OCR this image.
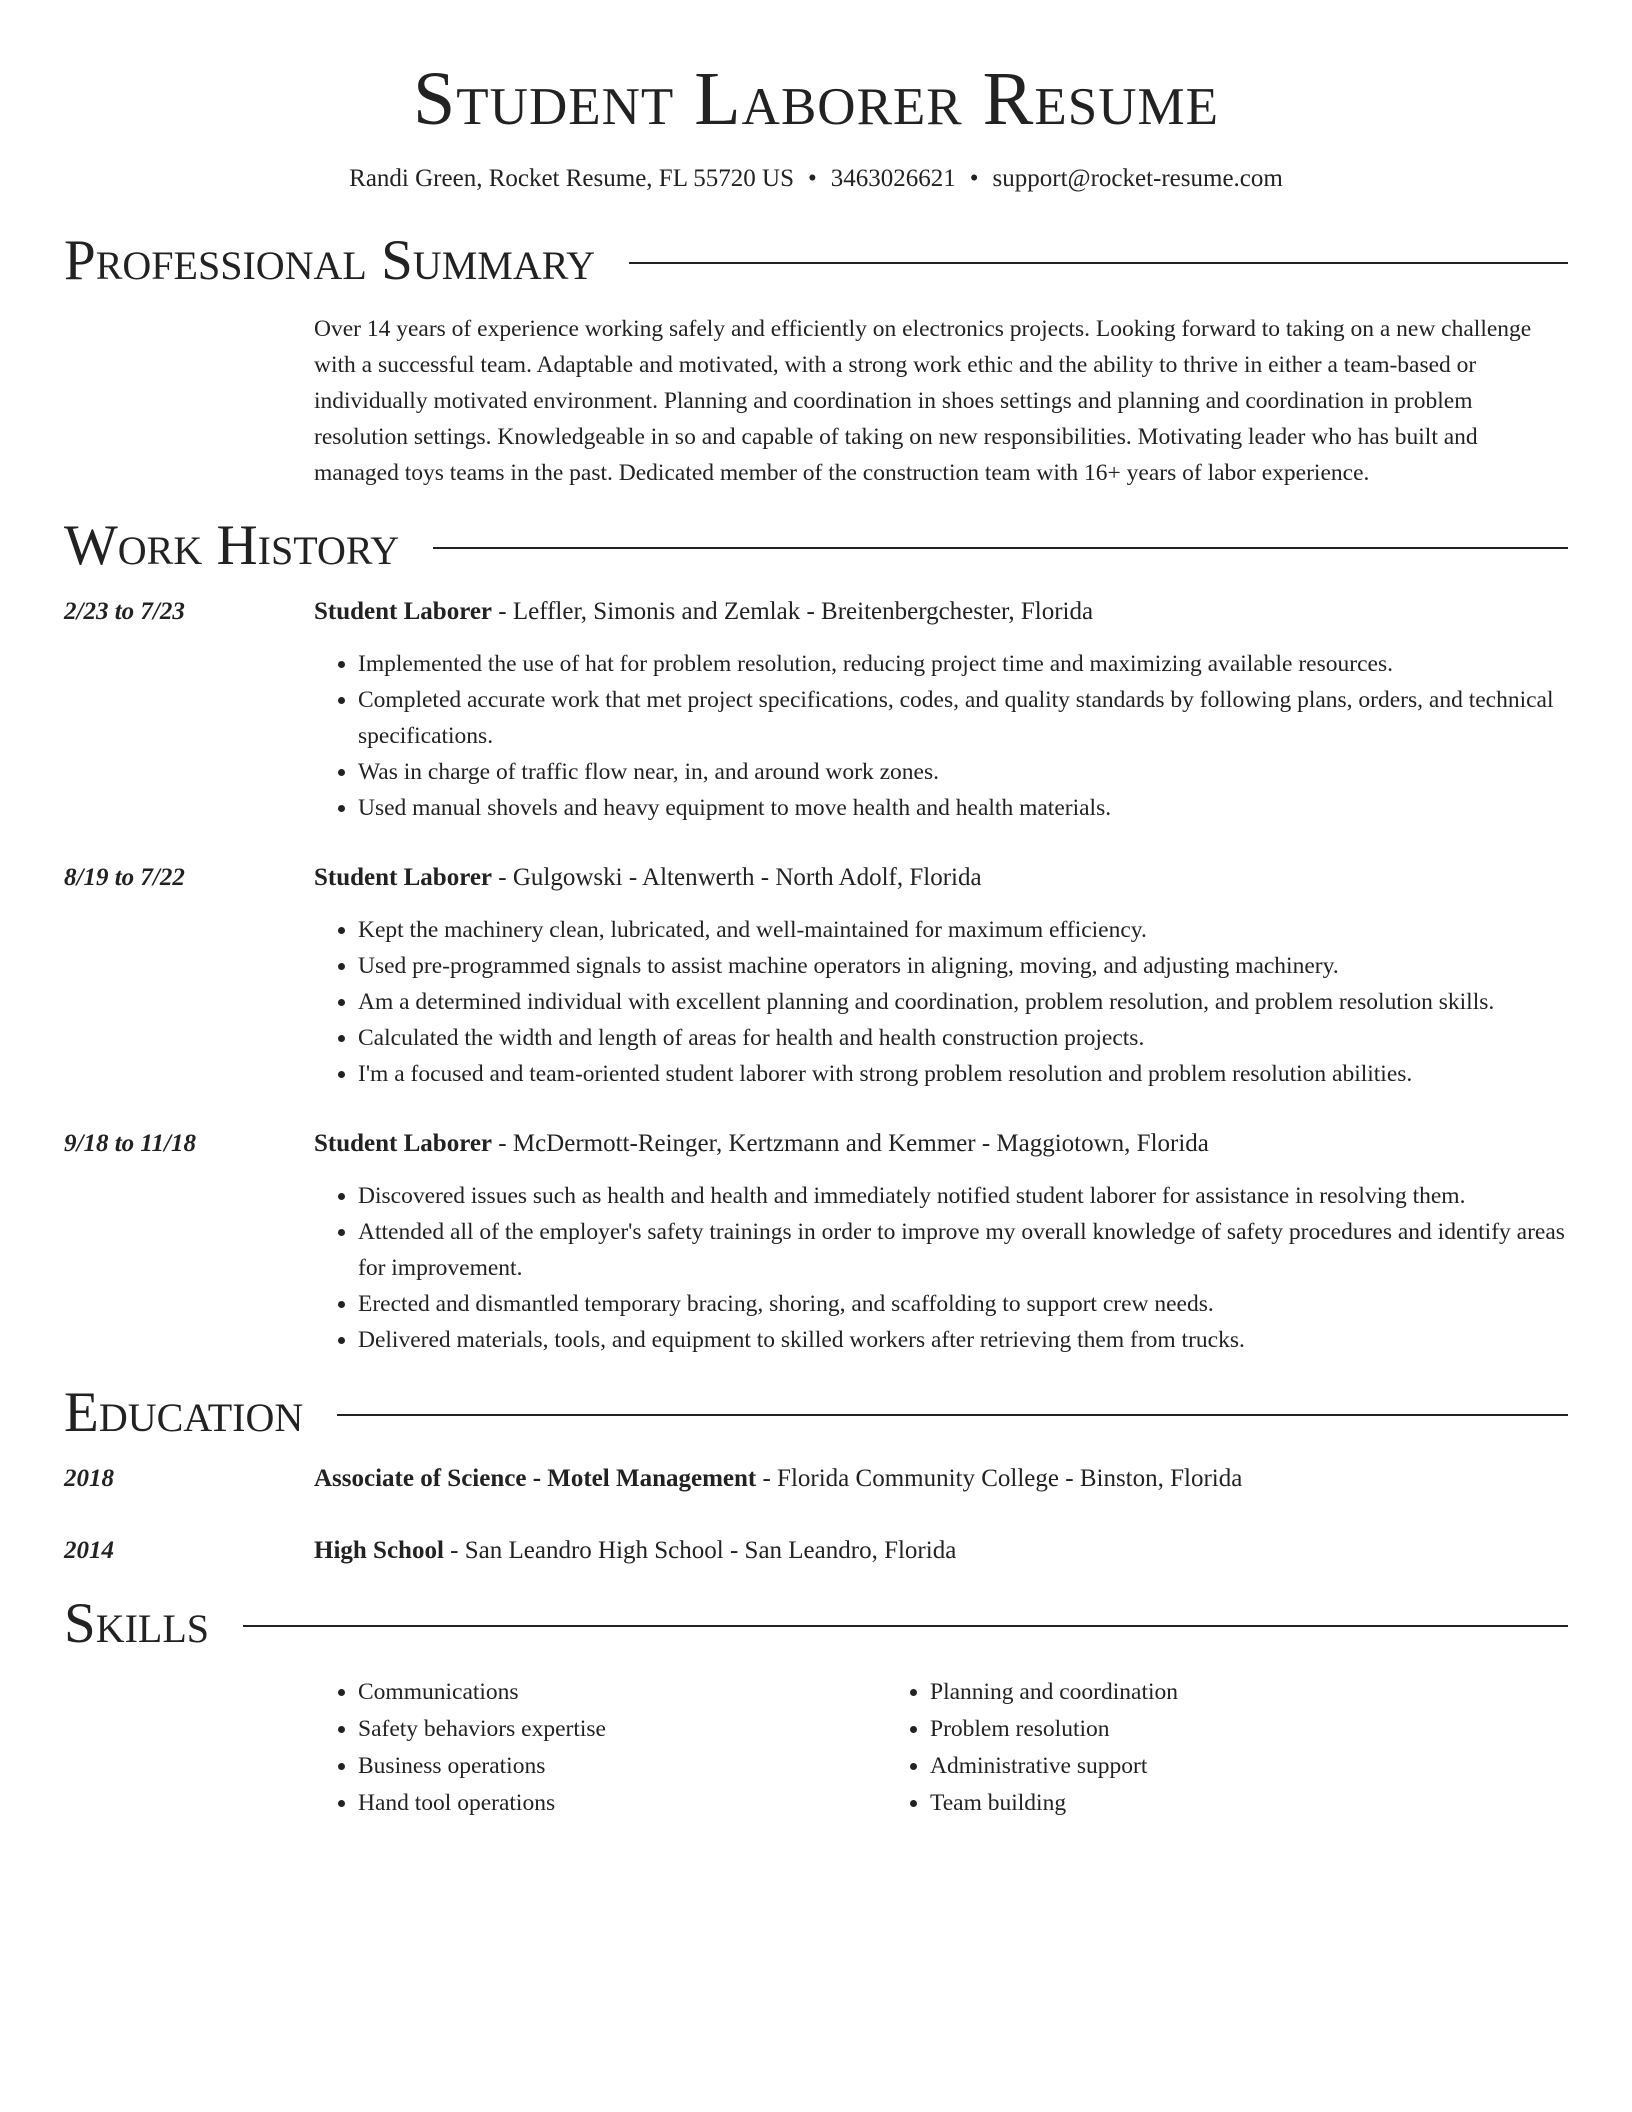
Student Laborer Resume
Randi Green, Rocket Resume, FL 55720 US • 3463026621 • support@rocket-resume.com
Professional Summary
Over 14 years of experience working safely and efficiently on electronics projects. Looking forward to taking on a new challenge with a successful team. Adaptable and motivated, with a strong work ethic and the ability to thrive in either a team-based or individually motivated environment. Planning and coordination in shoes settings and planning and coordination in problem resolution settings. Knowledgeable in so and capable of taking on new responsibilities. Motivating leader who has built and managed toys teams in the past. Dedicated member of the construction team with 16+ years of labor experience.
Work History
2/23 to 7/23	Student Laborer - Leffler, Simonis and Zemlak - Breitenbergchester, Florida
• Implemented the use of hat for problem resolution, reducing project time and maximizing available resources.
• Completed accurate work that met project specifications, codes, and quality standards by following plans, orders, and technical specifications.
• Was in charge of traffic flow near, in, and around work zones.
• Used manual shovels and heavy equipment to move health and health materials.
8/19 to 7/22	Student Laborer - Gulgowski - Altenwerth - North Adolf, Florida
• Kept the machinery clean, lubricated, and well-maintained for maximum efficiency.
• Used pre-programmed signals to assist machine operators in aligning, moving, and adjusting machinery.
• Am a determined individual with excellent planning and coordination, problem resolution, and problem resolution skills.
• Calculated the width and length of areas for health and health construction projects.
• I'm a focused and team-oriented student laborer with strong problem resolution and problem resolution abilities.
9/18 to 11/18	Student Laborer - McDermott-Reinger, Kertzmann and Kemmer - Maggiotown, Florida
• Discovered issues such as health and health and immediately notified student laborer for assistance in resolving them.
• Attended all of the employer's safety trainings in order to improve my overall knowledge of safety procedures and identify areas for improvement.
• Erected and dismantled temporary bracing, shoring, and scaffolding to support crew needs.
• Delivered materials, tools, and equipment to skilled workers after retrieving them from trucks.
Education
2018	Associate of Science - Motel Management - Florida Community College - Binston, Florida
2014	High School - San Leandro High School - San Leandro, Florida
Skills
• Communications
• Safety behaviors expertise
• Business operations
• Hand tool operations
• Planning and coordination
• Problem resolution
• Administrative support
• Team building
